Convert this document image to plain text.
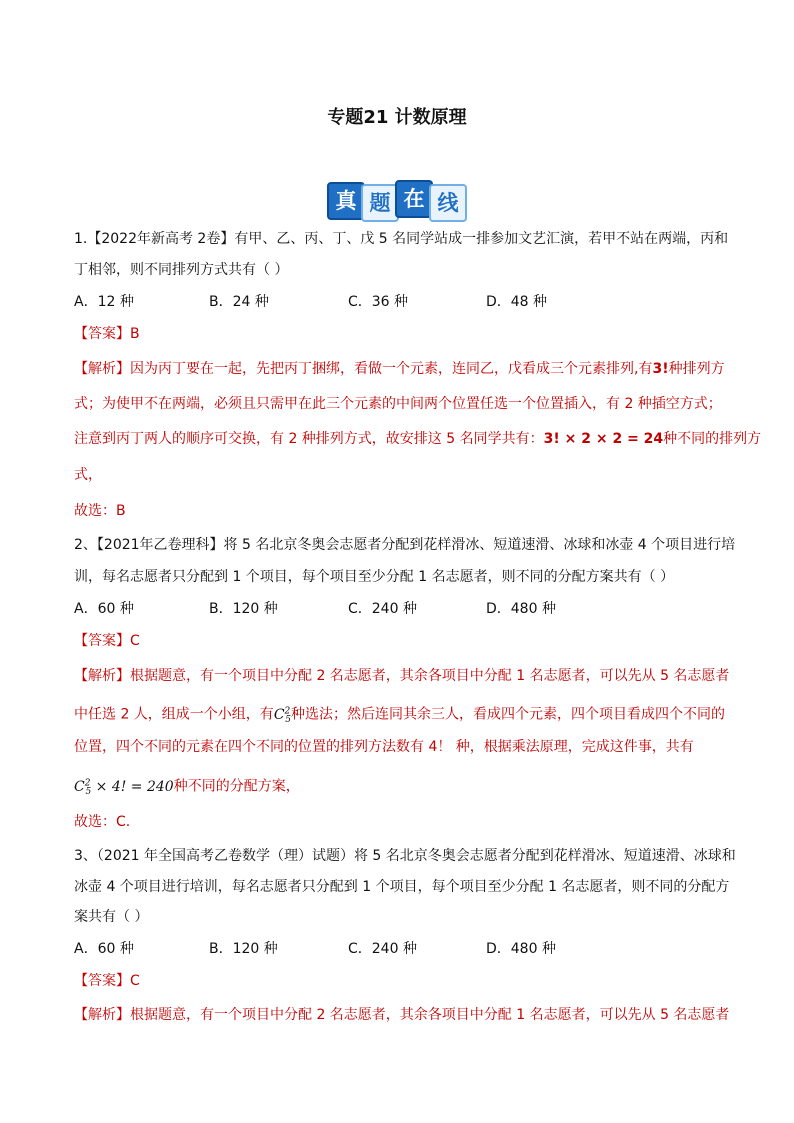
专题21 计数原理
真 题 在 线
1.【2022年新高考 2卷】有甲、乙、丙、丁、戊 5 名同学站成一排参加文艺汇演，若甲不站在两端，丙和
丁相邻，则不同排列方式共有（ ）
A．12 种	B．24 种	C．36 种	D．48 种
【答案】B
【解析】因为丙丁要在一起，先把丙丁捆绑，看做一个元素，连同乙，戊看成三个元素排列,有3!种排列方
式；为使甲不在两端，必须且只需甲在此三个元素的中间两个位置任选一个位置插入，有 2 种插空方式；
注意到丙丁两人的顺序可交换，有 2 种排列方式，故安排这 5 名同学共有：3! × 2 × 2 = 24种不同的排列方
式，
故选：B
2、【2021年乙卷理科】将 5 名北京冬奥会志愿者分配到花样滑冰、短道速滑、冰球和冰壶 4 个项目进行培
训，每名志愿者只分配到 1 个项目，每个项目至少分配 1 名志愿者，则不同的分配方案共有（ ）
A．60 种	B．120 种	C．240 种	D．480 种
【答案】C
【解析】根据题意，有一个项目中分配 2 名志愿者，其余各项目中分配 1 名志愿者，可以先从 5 名志愿者
中任选 2 人，组成一个小组，有$C^2_5$种选法；然后连同其余三人，看成四个元素，四个项目看成四个不同的
位置，四个不同的元素在四个不同的位置的排列方法数有 4！ 种，根据乘法原理，完成这件事，共有
$C^2_5 \times 4$! = 240种不同的分配方案，
故选：C.
3、（2021 年全国高考乙卷数学（理）试题）将 5 名北京冬奥会志愿者分配到花样滑冰、短道速滑、冰球和
冰壶 4 个项目进行培训，每名志愿者只分配到 1 个项目，每个项目至少分配 1 名志愿者，则不同的分配方
案共有（ ）
A．60 种	B．120 种	C．240 种	D．480 种
【答案】C
【解析】根据题意，有一个项目中分配 2 名志愿者，其余各项目中分配 1 名志愿者，可以先从 5 名志愿者
